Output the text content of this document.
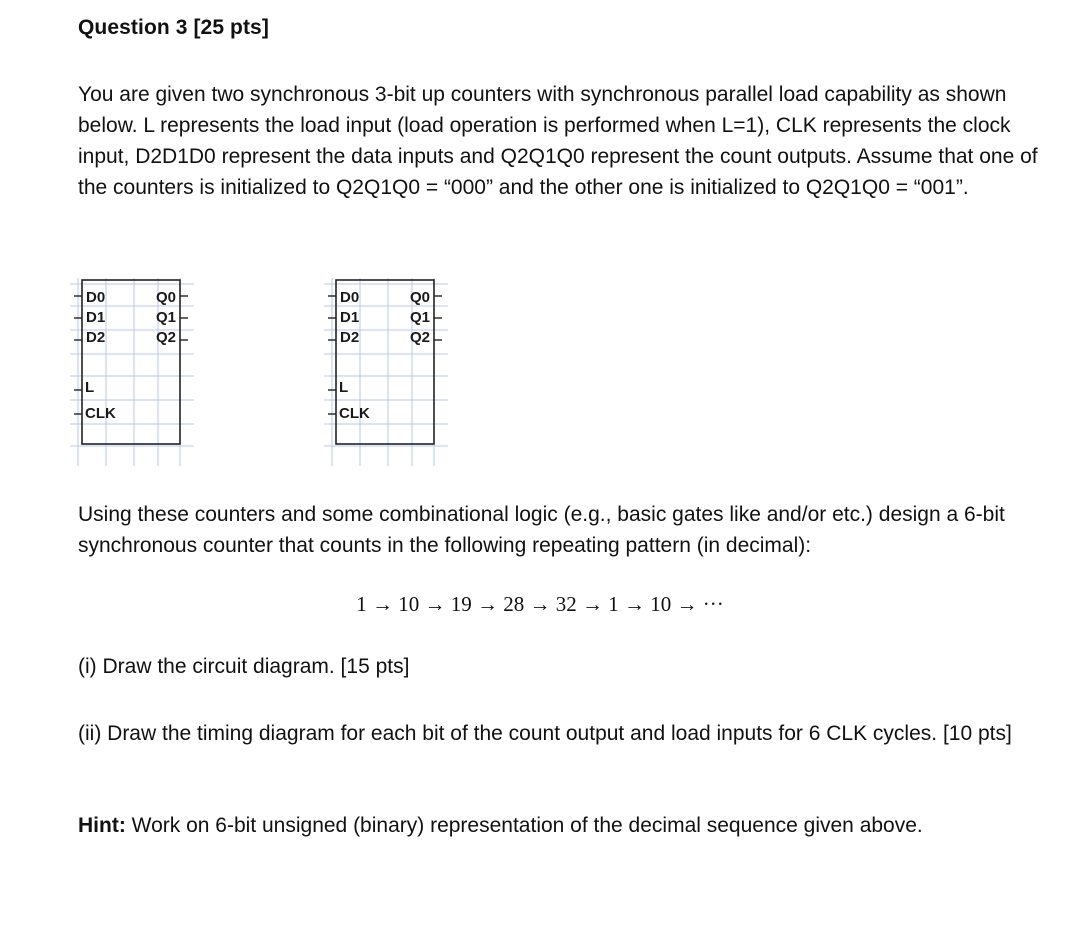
Question 3 [25 pts]
You are given two synchronous 3-bit up counters with synchronous parallel load capability as shown below. L represents the load input (load operation is performed when L=1), CLK represents the clock input, D2D1D0 represent the data inputs and Q2Q1Q0 represent the count outputs. Assume that one of the counters is initialized to Q2Q1Q0 = “000” and the other one is initialized to Q2Q1Q0 = “001”.
D0
D1
D2
Q0
Q1
Q2
L
CLK
D0
D1
D2
Q0
Q1
Q2
L
CLK
Using these counters and some combinational logic (e.g., basic gates like and/or etc.) design a 6-bit synchronous counter that counts in the following repeating pattern (in decimal):
1 → 10 → 19 → 28 → 32 → 1 → 10 → ···
(i) Draw the circuit diagram. [15 pts]
(ii) Draw the timing diagram for each bit of the count output and load inputs for 6 CLK cycles. [10 pts]
Hint: Work on 6-bit unsigned (binary) representation of the decimal sequence given above.
